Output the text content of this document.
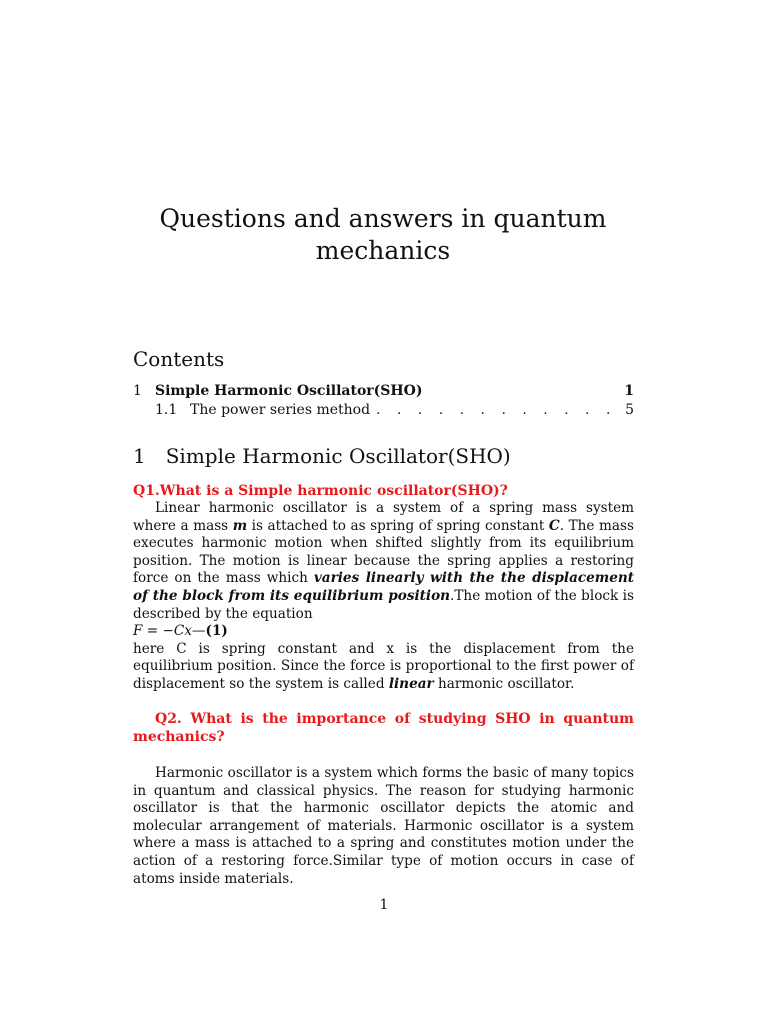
Questions and answers in quantum mechanics
Contents
1 Simple Harmonic Oscillator(SHO)	1
1.1 The power series method
. . .	5
1 Simple Harmonic Oscillator(SHO)

Q1.What is a Simple harmonic oscillator(SHO)?

Linear harmonic oscillator is a system of a spring mass system where a mass m is attached to as spring of spring constant C. The mass executes harmonic motion when shifted slightly from its equilibrium position. The motion is linear because the spring applies a restoring force on the mass which varies linearly with the the displacement of the block from its equilibrium position.The motion of the block is described by the equation
F = −Cx—(1)
here C is spring constant and x is the displacement from the equilibrium position. Since the force is proportional to the first power of displacement so the system is called linear harmonic oscillator.

Q2. What is the importance of studying SHO in quantum mechanics?

Harmonic oscillator is a system which forms the basic of many topics in quantum and classical physics. The reason for studying harmonic oscillator is that the harmonic oscillator depicts the atomic and molecular arrangement of materials. Harmonic oscillator is a system where a mass is attached to a spring and constitutes motion under the action of a restoring force.Similar type of motion occurs in case of atoms inside materials.

1
